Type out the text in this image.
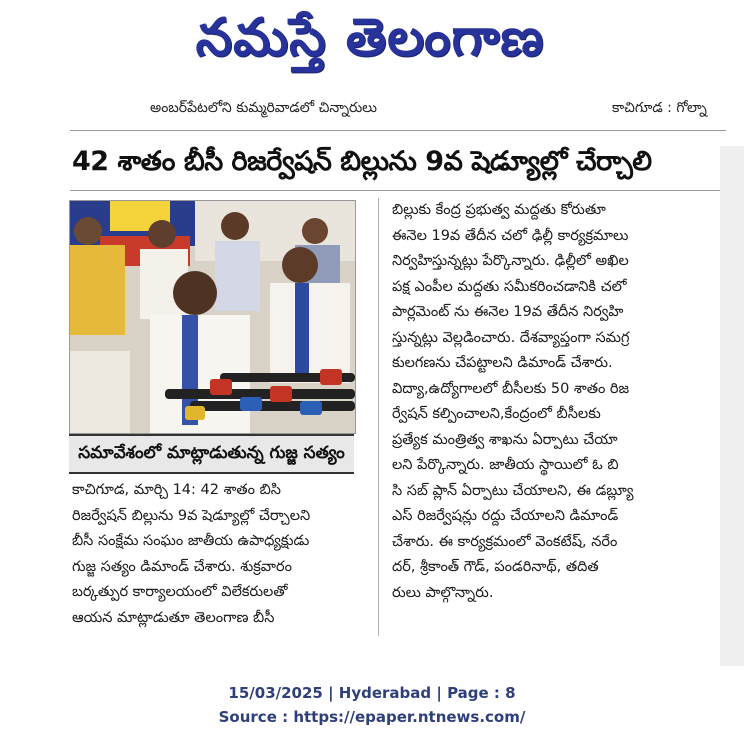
నమస్తే తెలంగాణ
అంబర్‌పేటలోని కుమ్మరివాడలో చిన్నారులు	కాచిగూడ : గోల్నా
42 శాతం బీసీ రిజర్వేషన్ బిల్లును 9వ షెడ్యూల్లో చేర్చాలి
సమావేశంలో మాట్లాడుతున్న గుజ్జ సత్యం

కాచిగూడ, మార్చి 14: 42 శాతం బిసి

రిజర్వేషన్ బిల్లును 9వ షెడ్యూల్లో చేర్చాలని

బీసీ సంక్షేమ సంఘం జాతీయ ఉపాధ్యక్షుడు

గుజ్జ సత్యం డిమాండ్ చేశారు. శుక్రవారం

బర్కత్పుర కార్యాలయంలో విలేకరులతో

ఆయన మాట్లాడుతూ తెలంగాణ బీసీ

బిల్లుకు కేంద్ర ప్రభుత్వ మద్దతు కోరుతూ

ఈనెల 19వ తేదీన చలో ఢిల్లీ కార్యక్రమాలు

నిర్వహిస్తున్నట్లు పేర్కొన్నారు. ఢిల్లీలో అఖిల

పక్ష ఎంపీల మద్దతు సమీకరించడానికి చలో

పార్లమెంట్ ను ఈనెల 19వ తేదీన నిర్వహి

స్తున్నట్లు వెల్లడించారు. దేశవ్యాప్తంగా సమగ్ర

కులగణను చేపట్టాలని డిమాండ్ చేశారు.

విద్యా,ఉద్యోగాలలో బీసీలకు 50 శాతం రిజ

ర్వేషన్ కల్పించాలని,కేంద్రంలో బీసీలకు

ప్రత్యేక మంత్రిత్వ శాఖను ఏర్పాటు చేయా

లని పేర్కొన్నారు. జాతీయ స్థాయిలో ఓ బి

సి సబ్ ప్లాన్ ఏర్పాటు చేయాలని, ఈ డబ్ల్యూ

ఎస్ రిజర్వేషన్లు రద్దు చేయాలని డిమాండ్

చేశారు. ఈ కార్యక్రమంలో వెంకటేష్, నరేం

దర్, శ్రీకాంత్ గౌడ్, పండరినాథ్, తదిత

రులు పాల్గొన్నారు.

15/03/2025 | Hyderabad | Page : 8
Source : https://epaper.ntnews.com/
